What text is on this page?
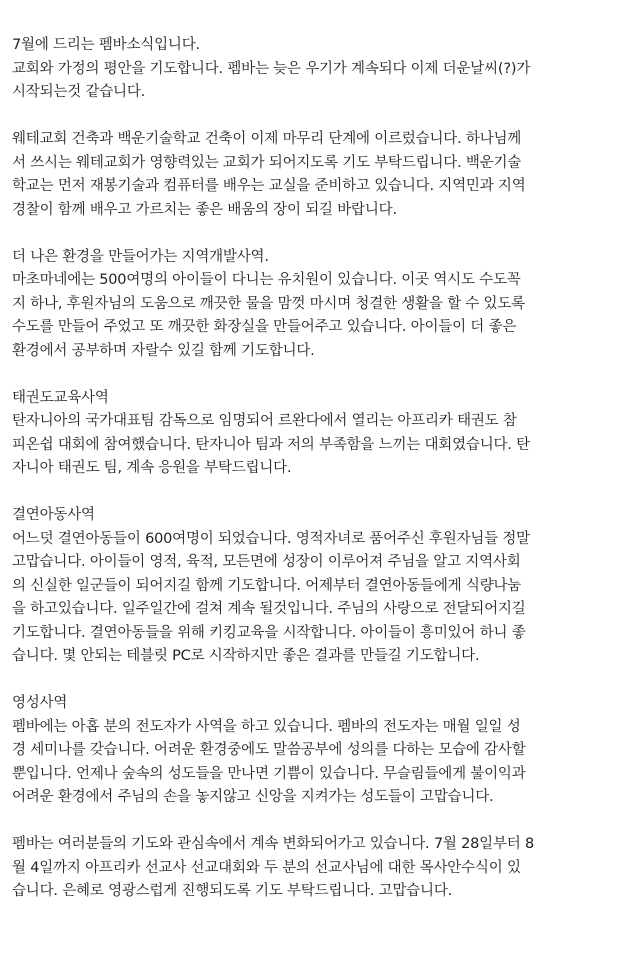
7월에 드리는 펨바소식입니다.
교회와 가정의 평안을 기도합니다. 펨바는 늦은 우기가 계속되다 이제 더운날씨(?)가
시작되는것 같습니다.
웨테교회 건축과 백운기술학교 건축이 이제 마무리 단계에 이르렀습니다. 하나님께
서 쓰시는 웨테교회가 영향력있는 교회가 되어지도록 기도 부탁드립니다. 백운기술
학교는 먼저 재봉기술과 컴퓨터를 배우는 교실을 준비하고 있습니다. 지역민과 지역
경찰이 함께 배우고 가르치는 좋은 배움의 장이 되길 바랍니다.
더 나은 환경을 만들어가는 지역개발사역.
마초마네에는 500여명의 아이들이 다니는 유치원이 있습니다. 이곳 역시도 수도꼭
지 하나, 후원자님의 도움으로 깨끗한 물을 맘껏 마시며 청결한 생활을 할 수 있도록
수도를 만들어 주었고 또 깨끗한 화장실을 만들어주고 있습니다. 아이들이 더 좋은
환경에서 공부하며 자랄수 있길 함께 기도합니다.
태권도교육사역
탄자니아의 국가대표팀 감독으로 임명되어 르완다에서 열리는 아프리카 태권도 참
피온쉽 대회에 참여했습니다. 탄자니아 팀과 저의 부족함을 느끼는 대회였습니다. 탄
자니아 태권도 팀, 계속 응원을 부탁드립니다.
결연아동사역
어느덧 결연아동들이 600여명이 되었습니다. 영적자녀로 품어주신 후원자님들 정말
고맙습니다. 아이들이 영적, 육적, 모든면에 성장이 이루어져 주님을 알고 지역사회
의 신실한 일군들이 되어지길 함께 기도합니다. 어제부터 결연아동들에게 식량나눔
을 하고있습니다. 일주일간에 걸쳐 계속 될것입니다. 주님의 사랑으로 전달되어지길
기도합니다. 결연아동들을 위해 키킹교육을 시작합니다. 아이들이 흥미있어 하니 좋
습니다. 몇 안되는 테블릿 PC로 시작하지만 좋은 결과를 만들길 기도합니다.
영성사역
펨바에는 아홉 분의 전도자가 사역을 하고 있습니다. 펨바의 전도자는 매월 일일 성
경 세미나를 갖습니다. 어려운 환경중에도 말씀공부에 성의를 다하는 모습에 감사할
뿐입니다. 언제나 숲속의 성도들을 만나면 기쁨이 있습니다. 무슬림들에게 불이익과
어려운 환경에서 주님의 손을 놓지않고 신앙을 지켜가는 성도들이 고맙습니다.
펨바는 여러분들의 기도와 관심속에서 계속 변화되어가고 있습니다. 7월 28일부터 8
월 4일까지 아프리카 선교사 선교대회와 두 분의 선교사님에 대한 목사안수식이 있
습니다. 은혜로 영광스럽게 진행되도록 기도 부탁드립니다. 고맙습니다.
